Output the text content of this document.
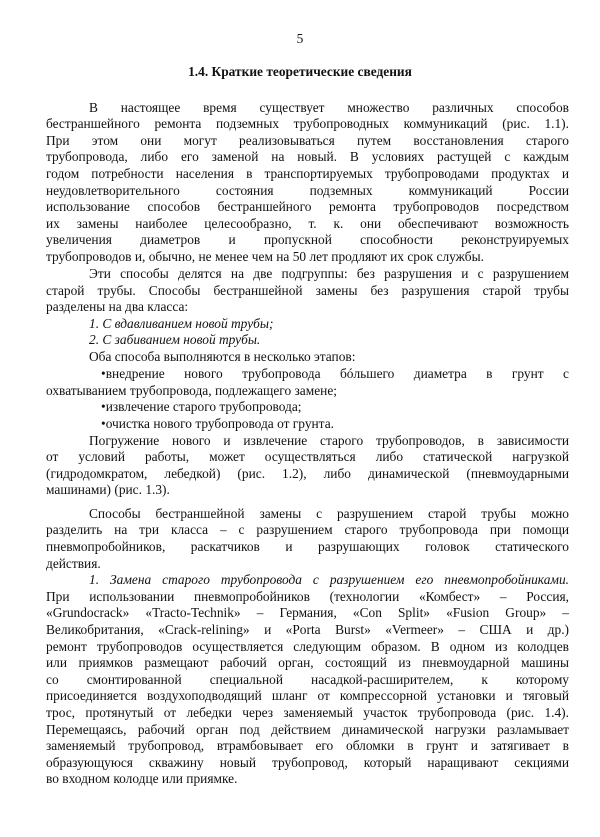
5
1.4. Краткие теоретические сведения
В настоящее время существует множество различных способов
бестраншейного ремонта подземных трубопроводных коммуникаций (рис. 1.1).
При этом они могут реализовываться путем восстановления старого
трубопровода, либо его заменой на новый. В условиях растущей с каждым
годом потребности населения в транспортируемых трубопроводами продуктах и
неудовлетворительного состояния подземных коммуникаций России
использование способов бестраншейного ремонта трубопроводов посредством
их замены наиболее целесообразно, т. к. они обеспечивают возможность
увеличения диаметров и пропускной способности реконструируемых
трубопроводов и, обычно, не менее чем на 50 лет продляют их срок службы.
Эти способы делятся на две подгруппы: без разрушения и с разрушением
старой трубы. Способы бестраншейной замены без разрушения старой трубы
разделены на два класса:
1. С вдавливанием новой трубы;
2. С забиванием новой трубы.
Оба способа выполняются в несколько этапов:
•внедрение нового трубопровода бóльшего диаметра в грунт с
охватыванием трубопровода, подлежащего замене;
•извлечение старого трубопровода;
•очистка нового трубопровода от грунта.
Погружение нового и извлечение старого трубопроводов, в зависимости
от условий работы, может осуществляться либо статической нагрузкой
(гидродомкратом, лебедкой) (рис. 1.2), либо динамической (пневмоударными
машинами) (рис. 1.3).
Способы бестраншейной замены с разрушением старой трубы можно
разделить на три класса – с разрушением старого трубопровода при помощи
пневмопробойников, раскатчиков и разрушающих головок статического
действия.
1. Замена старого трубопровода с разрушением его пневмопробойниками.
При использовании пневмопробойников (технологии «Комбест» – Россия,
«Grundocrack» «Tracto-Technik» – Германия, «Con Split» «Fusion Group» –
Великобритания, «Crack-relining» и «Porta Burst» «Vermeer» – США и др.)
ремонт трубопроводов осуществляется следующим образом. В одном из колодцев
или приямков размещают рабочий орган, состоящий из пневмоударной машины
со смонтированной специальной насадкой-расширителем, к которому
присоединяется воздухоподводящий шланг от компрессорной установки и тяговый
трос, протянутый от лебедки через заменяемый участок трубопровода (рис. 1.4).
Перемещаясь, рабочий орган под действием динамической нагрузки разламывает
заменяемый трубопровод, втрамбовывает его обломки в грунт и затягивает в
образующуюся скважину новый трубопровод, который наращивают секциями
во входном колодце или приямке.
